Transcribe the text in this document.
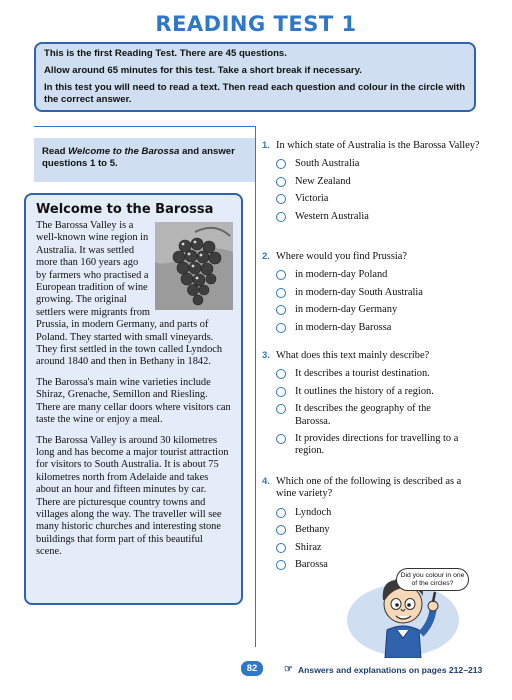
READING TEST 1

This is the first Reading Test. There are 45 questions.

Allow around 65 minutes for this test. Take a short break if necessary.

In this test you will need to read a text. Then read each question and colour in the circle with the correct answer.

Read Welcome to the Barossa and answer questions 1 to 5.
Welcome to the Barossa

The Barossa Valley is a well-known wine region in Australia. It was settled more than 160 years ago by farmers who practised a European tradition of wine growing. The original settlers were migrants from Prussia, in modern Germany, and parts of Poland. They started with small vineyards. They first settled in the town called Lyndoch around 1840 and then in Bethany in 1842.

The Barossa's main wine varieties include Shiraz, Grenache, Semillon and Riesling. There are many cellar doors where visitors can taste the wine or enjoy a meal.

The Barossa Valley is around 30 kilometres long and has become a major tourist attraction for visitors to South Australia. It is about 75 kilometres north from Adelaide and takes about an hour and fifteen minutes by car. There are picturesque country towns and villages along the way. The traveller will see many historic churches and interesting stone buildings that form part of this beautiful scene.

1. In which state of Australia is the Barossa Valley?
South Australia
New Zealand
Victoria
Western Australia
2. Where would you find Prussia?
in modern-day Poland
in modern-day South Australia
in modern-day Germany
in modern-day Barossa
3. What does this text mainly describe?
It describes a tourist destination.
It outlines the history of a region.
It describes the geography of the Barossa.
It provides directions for travelling to a region.
4. Which one of the following is described as a wine variety?
Lyndoch
Bethany
Shiraz
Barossa
Did you colour in one of the circles?
82	☞ Answers and explanations on pages 212–213
